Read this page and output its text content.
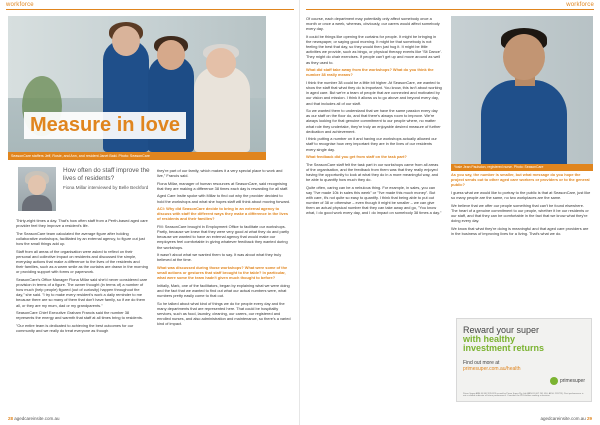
workforce	workforce
Measure in love
SeasonCare staffers Jeff, Rosie, and Ann, and resident Janet Bald. Photo: SeasonCare
How often do staff improve the lives of residents?
Fiona Millar interviewed by Belle Beckford

Thirty-eight times a day. That's how often staff from a Perth-based aged care provider feel they improve a resident's life.

The SeasonCare team calculated the average figure after holding collaborative workshops, facilitated by an external agency, to figure out just how the small things add up.

Staff from all areas of the organisation were asked to reflect on their personal and collective impact on residents and discussed the simple, everyday actions that make a difference to the lives of the residents and their families, such as a warm smile as the curtains are drawn in the morning or providing support with forms or paperwork.

SeasonCare's Office Manager Fiona Millar said she'd never considered care provision in terms of a figure. The owner thought (in terms of) a number of how much (help people) figured (out of curiosity) happen throughout the day," she said. "I try to make every resident's work a daily reminder to me because there are so many of them that don't have family, so if we do them all, or they are my mum, dad or my grandparents."

SeasonCare Chief Executive Graham Francis said the number 38 represents the energy and warmth that staff at all times bring to residents.

"Our entire team is dedicated to achieving the best outcomes for our community and we really do treat everyone as though

they're part of our family, which makes it a very special place to work and live," Francis said.

Fiona Millar, manager of human resources at SeasonCare, said recognising that they are making a difference 38 times each day is rewarding for all staff.

Aged Care Insite spoke with Millar to find out why the provider decided to hold the workshops and what she hopes staff will think about moving forward.

ACI: Why did SeasonCare decide to bring in an external agency to discuss with staff the different ways they make a difference in the lives of residents and their families?

FM: SeasonCare brought in Employment Office to facilitate our workshops. Partly, because we knew that they were very good at what they do and partly because we wanted to have an external agency that would make our employees feel comfortable in giving whatever feedback they wanted during the workshops.

It wasn't about what we wanted them to say. It was about what they truly believed at the time.

What was discussed during those workshops? What were some of the small actions or gestures that staff brought to the table? In particular, what were some the team hadn't given much thought to before?

Initially, Mark, one of the facilitators, began by explaining what we were doing and the fact that we wanted to find out what our actual numbers were, what numbers pretty easily come to that out.

So he talked about what kind of things we do for people every day and the many departments that are represented here. That could be hospitality services, such as food, laundry, cleaning, our carers, our registered and enrolled nurses, and also administration and maintenance, so there's a varied kind of impact.

Of course, each department may potentially only affect somebody once a month or once a week, whereas, obviously, our carers would affect somebody every day.

It could be things like opening the curtains for people. It might be bringing in the newspaper, or saying good morning. It might be that somebody is not feeling the best that day, so they would then just hug it. It might be little activities we provide, such as bingo, or physical therapy events like 'Sit Dance'. They might do chair exercises. If people can't get up and move around as well as they used to.

What did staff take away from the workshops? What do you think the number 38 really means?

I think the number 38 could be a little bit higher. At SeasonCare, we wanted to show the staff that what they do is important. You know, this isn't about working in aged care. But we're a team of people that are connected and motivated by our vision and mission. I think it allows us to go above and beyond every day, and that includes all of our staff.

So we wanted them to understand that we have the same passion every day as our staff on the floor do, and that there's always room to improve. We're always looking for that genuine commitment to our people where, no matter what role they undertake, they're truly an enjoyable desired measure of further dedication and achievement.

I think putting a number on it and having our workshops actually allowed our staff to recognise how very important they are in the lives of our residents every single day.

What feedback did you get from staff on the task part?

The SeasonCare staff felt the task part in our workshops came from all areas of the organisation, and the feedback from them was that they really enjoyed having the opportunity to look at what they do in a more meaningful way, and be able to quantify how much they do.

Quite often, caring can be a nebulous thing. For example, in sales, you can say "I've made 10k in sales this week" or "I've made this much money". But with care, it's not quite so easy to quantify. I think that being able to put out number of 38 or otherwise – even though it might be smaller – we can give them an actual physical number that they can take away and go, "You know what, I do good work every day, and I do impact on somebody 38 times a day."

Yosie Jean Paulsdon, registered nurse. Photo: SeasonCare

As you say, the number is smaller, but what message do you hope the project sends out to other aged care workers or providers or to the general public?

I guess what we would like to portray to the public is that at SeasonCare, just like so many people are the same, no two workplaces are the same.

We believe that we offer our people something that can't be found elsewhere. The heart of a genuine commitment to our people, whether it be our residents or our staff, and that they can be comfortable in the fact that we know what they're doing every day.

We know that what they're doing is meaningful and that aged care providers are in the business of improving lives for a living. That's what we do.

Reward your super
with healthy
investment returns
Find out more at
primesuper.com.au/health
primesuper
Prime Super ABN 60 562 335 823 issued by Prime Super Pty Ltd (ABN 81 067 241 016, AFSL 219723). Past performance is not a reliable indicator of future performance. Consider the PDS before making a decision.
28 agedcareinsite.com.au	agedcareinsite.com.au 29
